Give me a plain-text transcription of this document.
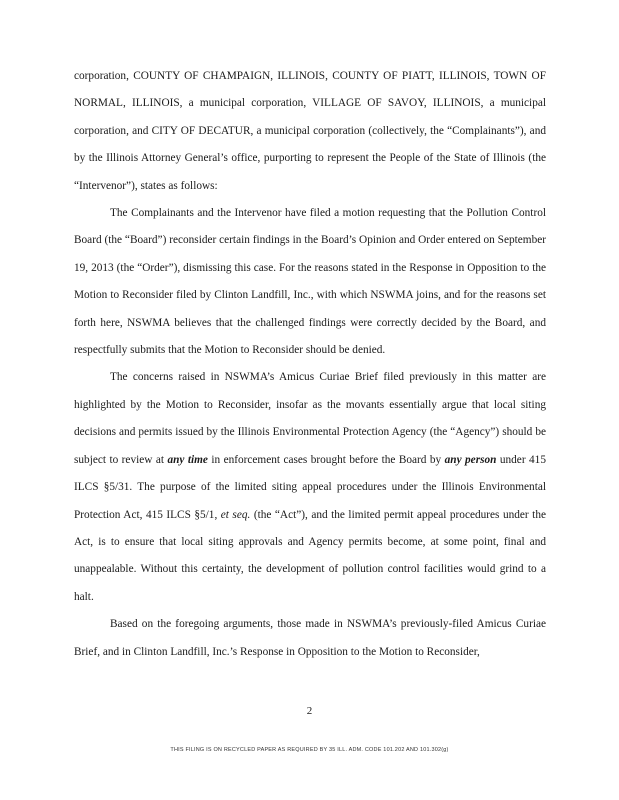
corporation, COUNTY OF CHAMPAIGN, ILLINOIS, COUNTY OF PIATT, ILLINOIS, TOWN OF NORMAL, ILLINOIS, a municipal corporation, VILLAGE OF SAVOY, ILLINOIS, a municipal corporation, and CITY OF DECATUR, a municipal corporation (collectively, the “Complainants”), and by the Illinois Attorney General’s office, purporting to represent the People of the State of Illinois (the “Intervenor”), states as follows:

The Complainants and the Intervenor have filed a motion requesting that the Pollution Control Board (the “Board”) reconsider certain findings in the Board’s Opinion and Order entered on September 19, 2013 (the “Order”), dismissing this case. For the reasons stated in the Response in Opposition to the Motion to Reconsider filed by Clinton Landfill, Inc., with which NSWMA joins, and for the reasons set forth here, NSWMA believes that the challenged findings were correctly decided by the Board, and respectfully submits that the Motion to Reconsider should be denied.

The concerns raised in NSWMA’s Amicus Curiae Brief filed previously in this matter are highlighted by the Motion to Reconsider, insofar as the movants essentially argue that local siting decisions and permits issued by the Illinois Environmental Protection Agency (the “Agency”) should be subject to review at any time in enforcement cases brought before the Board by any person under 415 ILCS §5/31. The purpose of the limited siting appeal procedures under the Illinois Environmental Protection Act, 415 ILCS §5/1, et seq. (the “Act”), and the limited permit appeal procedures under the Act, is to ensure that local siting approvals and Agency permits become, at some point, final and unappealable. Without this certainty, the development of pollution control facilities would grind to a halt.

Based on the foregoing arguments, those made in NSWMA’s previously-filed Amicus Curiae Brief, and in Clinton Landfill, Inc.’s Response in Opposition to the Motion to Reconsider,

2
THIS FILING IS ON RECYCLED PAPER AS REQUIRED BY 35 ILL. ADM. CODE 101.202 AND 101.302(g)
